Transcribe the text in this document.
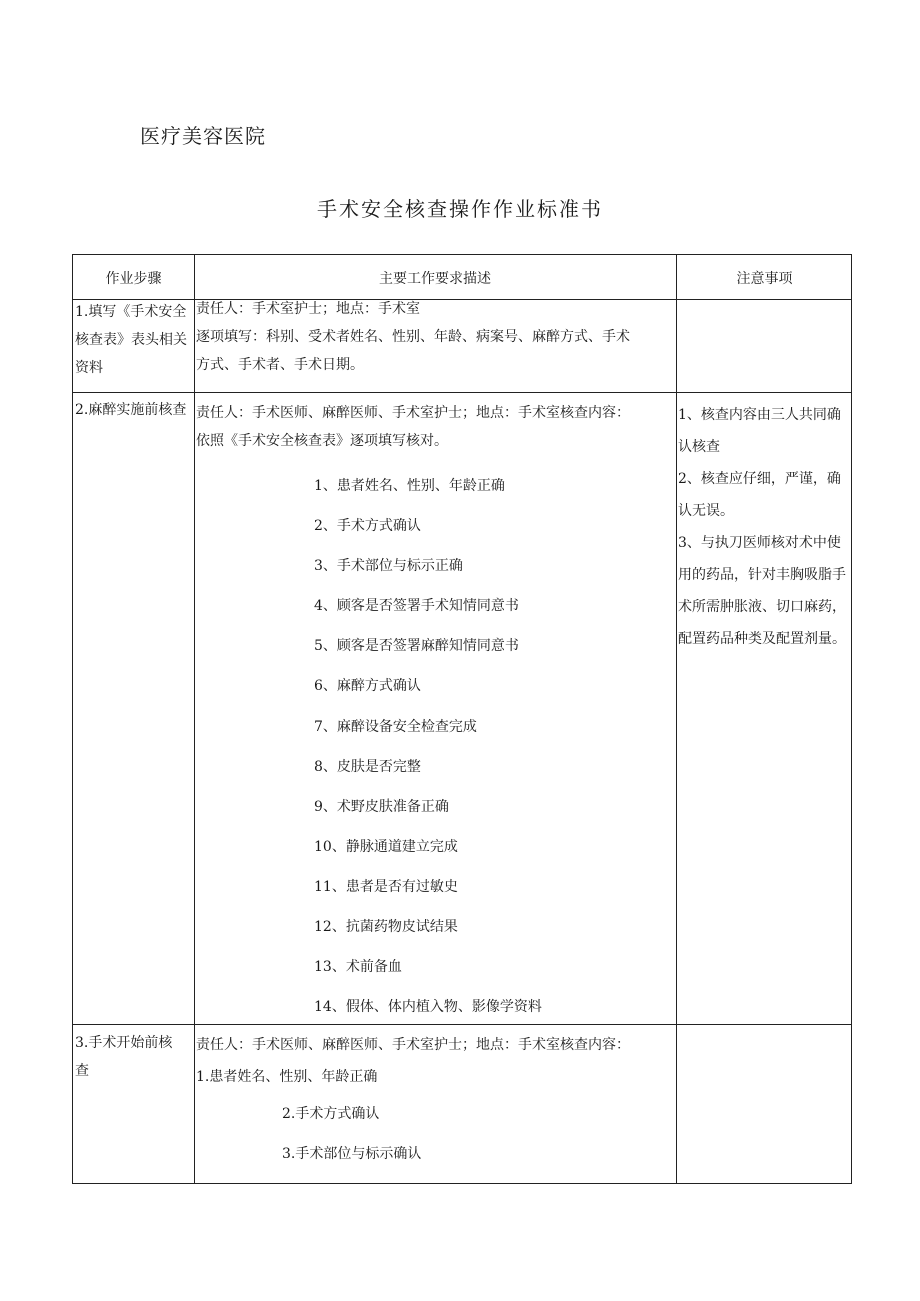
医疗美容医院
手术安全核查操作作业标准书
作业步骤	主要工作要求描述	注意事项
1.填写《手术安全核查表》表头相关资料
责任人：手术室护士；地点：手术室
逐项填写：科别、受术者姓名、性别、年龄、病案号、麻醉方式、手术
方式、手术者、手术日期。
2.麻醉实施前核查 责任人：手术医师、麻醉医师、手术室护士；地点：手术室核查内容：
依照《手术安全核查表》逐项填写核对。
1、患者姓名、性别、年龄正确
2、手术方式确认
3、手术部位与标示正确
4、顾客是否签署手术知情同意书
5、顾客是否签署麻醉知情同意书
6、麻醉方式确认
7、麻醉设备安全检查完成
8、皮肤是否完整
9、术野皮肤准备正确
10、静脉通道建立完成
11、患者是否有过敏史
12、抗菌药物皮试结果
13、术前备血
14、假体、体内植入物、影像学资料
1、核查内容由三人共同确认核查
2、核查应仔细，严谨，确认无误。
3、与执刀医师核对术中使用的药品，针对丰胸吸脂手术所需肿胀液、切口麻药，配置药品种类及配置剂量。
3.手术开始前核查
责任人：手术医师、麻醉医师、手术室护士；地点：手术室核查内容：
1.患者姓名、性别、年龄正确
2.手术方式确认
3.手术部位与标示确认
